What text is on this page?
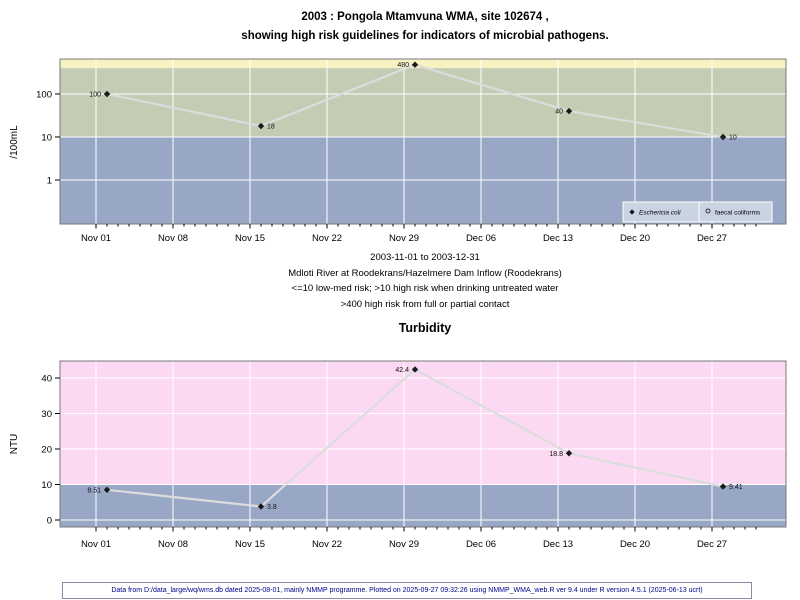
Nov 01	Nov 08	Nov 15	Nov 22	Nov 29	Dec 06	Dec 13	Dec 20	Dec 27
1
10
100
/100mL
100
18
480
40
10
Eschericia coli	faecal coliforms
Nov 01	Nov 08	Nov 15	Nov 22	Nov 29	Dec 06	Dec 13	Dec 20	Dec 27
0
10
20
30
40
NTU
8.51
3.8
42.4
18.8
9.41
2003 : Pongola Mtamvuna WMA, site 102674 ,
showing high risk guidelines for indicators of microbial pathogens.
2003-11-01 to 2003-12-31
Mdloti River at Roodekrans/Hazelmere Dam Inflow (Roodekrans)
<=10 low-med risk; >10 high risk when drinking untreated water
>400 high risk from full or partial contact
Turbidity
Data from D:/data_large/wq/wms.db dated 2025-08-01, mainly NMMP programme. Plotted on 2025-09-27 09:32:26 using NMMP_WMA_web.R ver 9.4 under R version 4.5.1 (2025-06-13 ucrt)
